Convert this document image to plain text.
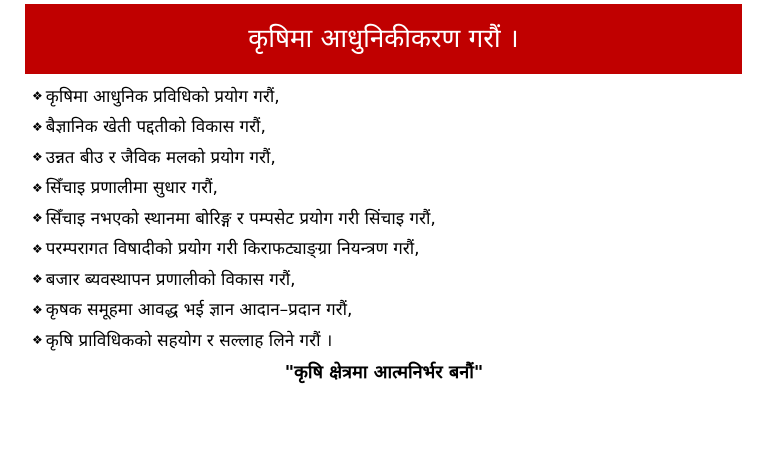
कृषिमा आधुनिकीकरण गरौं ।
❖ कृषिमा आधुनिक प्रविधिको प्रयोग गरौं,
❖ बैज्ञानिक खेती पद्दतीको विकास गरौं,
❖ उन्नत बीउ र जैविक मलको प्रयोग गरौं,
❖ सिँचाइ प्रणालीमा सुधार गरौं,
❖ सिँचाइ नभएको स्थानमा बोरिङ्ग र पम्पसेट प्रयोग गरी सिंचाइ गरौं,
❖ परम्परागत विषादीको प्रयोग गरी किराफट्याङ्ग्रा नियन्त्रण गरौं,
❖ बजार ब्यवस्थापन प्रणालीको विकास गरौं,
❖ कृषक समूहमा आवद्ध भई ज्ञान आदान–प्रदान गरौं,
❖ कृषि प्राविधिकको सहयोग र सल्लाह लिने गरौं ।
"कृषि क्षेत्रमा आत्मनिर्भर बनौं"
